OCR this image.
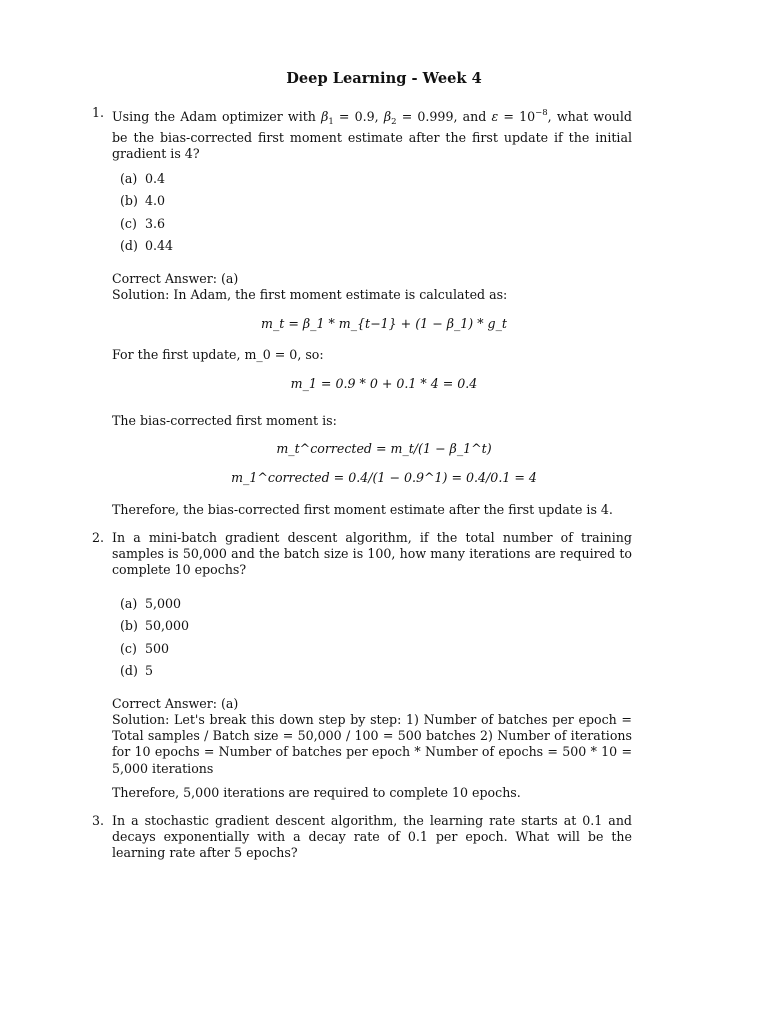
Deep Learning - Week 4
1. Using the Adam optimizer with $\beta_1 = 0.9$, $\beta_2 = 0.999$, and $\varepsilon = 10^{-8}$, what would be the bias-corrected first moment estimate after the first update if the initial gradient is 4?
(a) 0.4
(b) 4.0
(c) 3.6
(d) 0.44
Correct Answer: (a)
Solution: In Adam, the first moment estimate is calculated as:
m_t = β_1 * m_{t−1} + (1 − β_1) * g_t
For the first update, m_0 = 0, so:
m_1 = 0.9 * 0 + 0.1 * 4 = 0.4
The bias-corrected first moment is:
m_t^corrected = m_t/(1 − β_1^t)
m_1^corrected = 0.4/(1 − 0.9^1) = 0.4/0.1 = 4
Therefore, the bias-corrected first moment estimate after the first update is 4.
2. In a mini-batch gradient descent algorithm, if the total number of training samples is 50,000 and the batch size is 100, how many iterations are required to complete 10 epochs?
(a) 5,000
(b) 50,000
(c) 500
(d) 5
Correct Answer: (a)
Solution: Let's break this down step by step: 1) Number of batches per epoch = Total samples / Batch size = 50,000 / 100 = 500 batches 2) Number of iterations for 10 epochs = Number of batches per epoch * Number of epochs = 500 * 10 = 5,000 iterations
Therefore, 5,000 iterations are required to complete 10 epochs.
3. In a stochastic gradient descent algorithm, the learning rate starts at 0.1 and decays exponentially with a decay rate of 0.1 per epoch. What will be the learning rate after 5 epochs?
